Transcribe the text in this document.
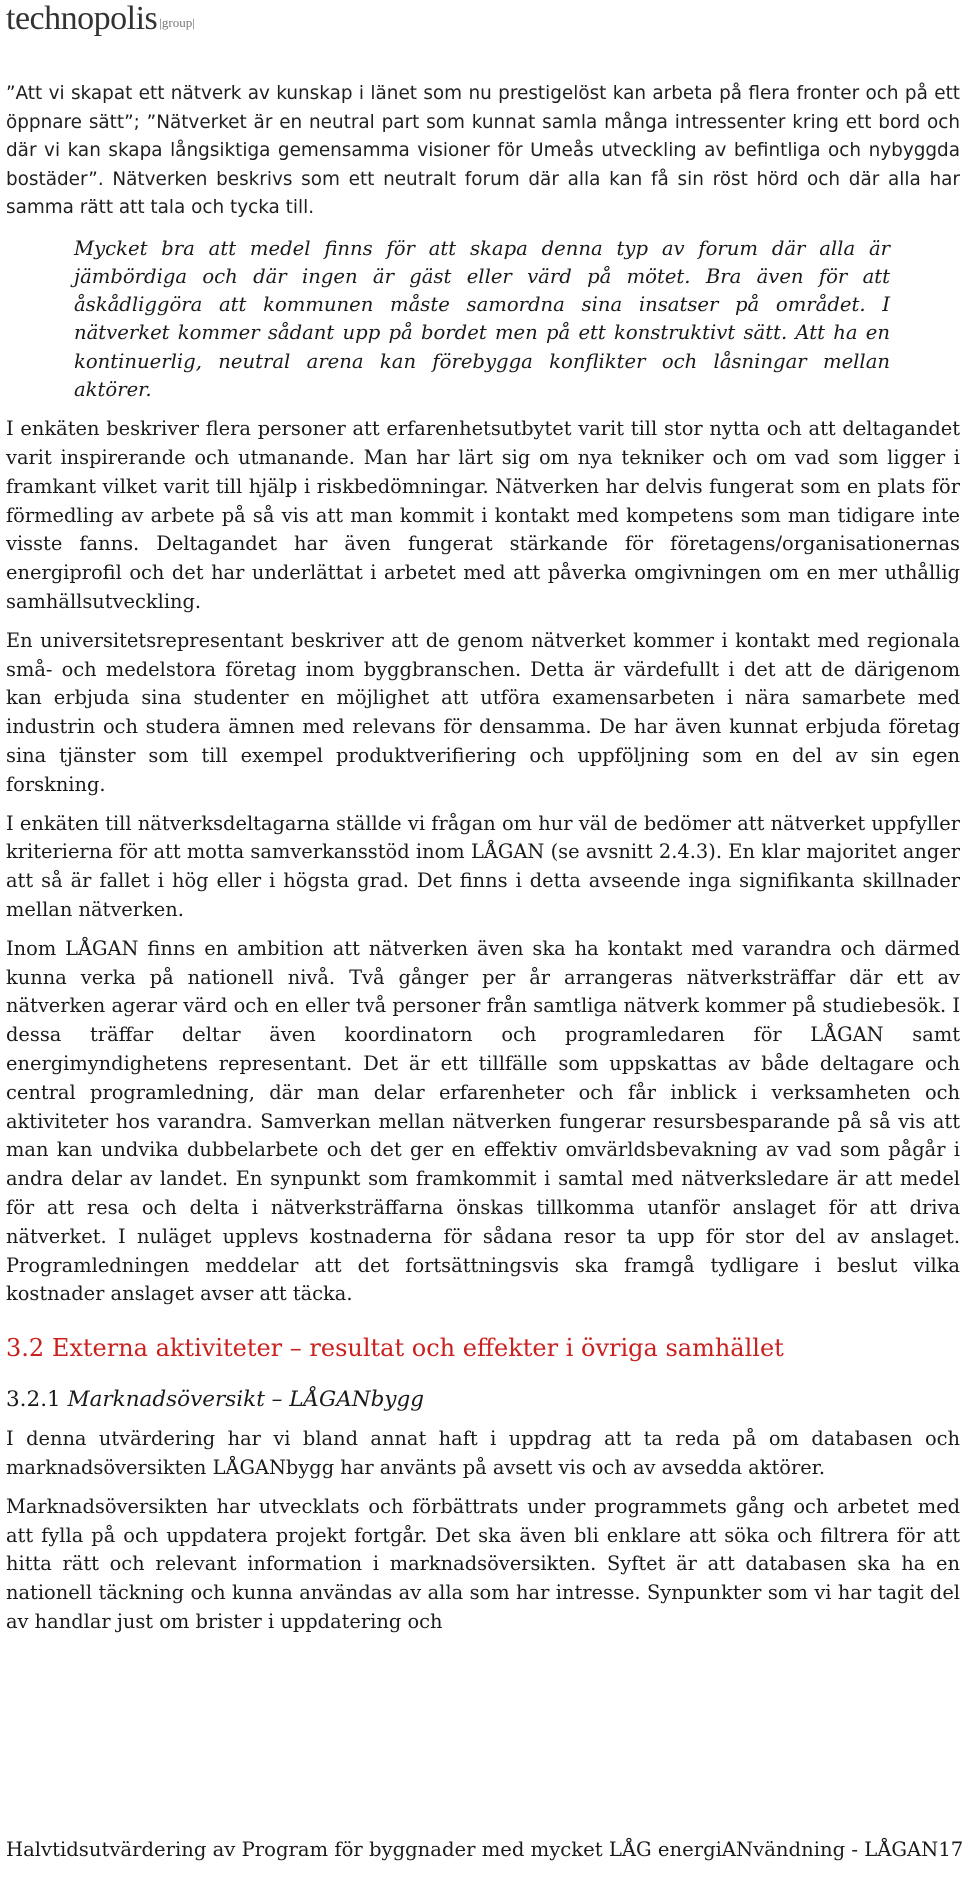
technopolis |group|

”Att vi skapat ett nätverk av kunskap i länet som nu prestigelöst kan arbeta på flera fronter och på ett öppnare sätt”; ”Nätverket är en neutral part som kunnat samla många intressenter kring ett bord och där vi kan skapa långsiktiga gemensamma visioner för Umeås utveckling av befintliga och nybyggda bostäder”. Nätverken beskrivs som ett neutralt forum där alla kan få sin röst hörd och där alla har samma rätt att tala och tycka till.

Mycket bra att medel finns för att skapa denna typ av forum där alla är jämbördiga och där ingen är gäst eller värd på mötet. Bra även för att åskådliggöra att kommunen måste samordna sina insatser på området. I nätverket kommer sådant upp på bordet men på ett konstruktivt sätt. Att ha en kontinuerlig, neutral arena kan förebygga konflikter och låsningar mellan aktörer.

I enkäten beskriver flera personer att erfarenhetsutbytet varit till stor nytta och att deltagandet varit inspirerande och utmanande. Man har lärt sig om nya tekniker och om vad som ligger i framkant vilket varit till hjälp i riskbedömningar. Nätverken har delvis fungerat som en plats för förmedling av arbete på så vis att man kommit i kontakt med kompetens som man tidigare inte visste fanns. Deltagandet har även fungerat stärkande för företagens/organisationernas energiprofil och det har underlättat i arbetet med att påverka omgivningen om en mer uthållig samhällsutveckling.

En universitetsrepresentant beskriver att de genom nätverket kommer i kontakt med regionala små- och medelstora företag inom byggbranschen. Detta är värdefullt i det att de därigenom kan erbjuda sina studenter en möjlighet att utföra examensarbeten i nära samarbete med industrin och studera ämnen med relevans för densamma. De har även kunnat erbjuda företag sina tjänster som till exempel produktverifiering och uppföljning som en del av sin egen forskning.

I enkäten till nätverksdeltagarna ställde vi frågan om hur väl de bedömer att nätverket uppfyller kriterierna för att motta samverkansstöd inom LÅGAN (se avsnitt 2.4.3). En klar majoritet anger att så är fallet i hög eller i högsta grad. Det finns i detta avseende inga signifikanta skillnader mellan nätverken.

Inom LÅGAN finns en ambition att nätverken även ska ha kontakt med varandra och därmed kunna verka på nationell nivå. Två gånger per år arrangeras nätverksträffar där ett av nätverken agerar värd och en eller två personer från samtliga nätverk kommer på studiebesök. I dessa träffar deltar även koordinatorn och programledaren för LÅGAN samt energimyndighetens representant. Det är ett tillfälle som uppskattas av både deltagare och central programledning, där man delar erfarenheter och får inblick i verksamheten och aktiviteter hos varandra. Samverkan mellan nätverken fungerar resursbesparande på så vis att man kan undvika dubbelarbete och det ger en effektiv omvärldsbevakning av vad som pågår i andra delar av landet. En synpunkt som framkommit i samtal med nätverksledare är att medel för att resa och delta i nätverksträffarna önskas tillkomma utanför anslaget för att driva nätverket. I nuläget upplevs kostnaderna för sådana resor ta upp för stor del av anslaget. Programledningen meddelar att det fortsättningsvis ska framgå tydligare i beslut vilka kostnader anslaget avser att täcka.

3.2 Externa aktiviteter – resultat och effekter i övriga samhället
3.2.1 Marknadsöversikt – LÅGANbygg

I denna utvärdering har vi bland annat haft i uppdrag att ta reda på om databasen och marknadsöversikten LÅGANbygg har använts på avsett vis och av avsedda aktörer.

Marknadsöversikten har utvecklats och förbättrats under programmets gång och arbetet med att fylla på och uppdatera projekt fortgår. Det ska även bli enklare att söka och filtrera för att hitta rätt och relevant information i marknadsöversikten. Syftet är att databasen ska ha en nationell täckning och kunna användas av alla som har intresse. Synpunkter som vi har tagit del av handlar just om brister i uppdatering och

Halvtidsutvärdering av Program för byggnader med mycket LÅG energiANvändning - LÅGAN17
